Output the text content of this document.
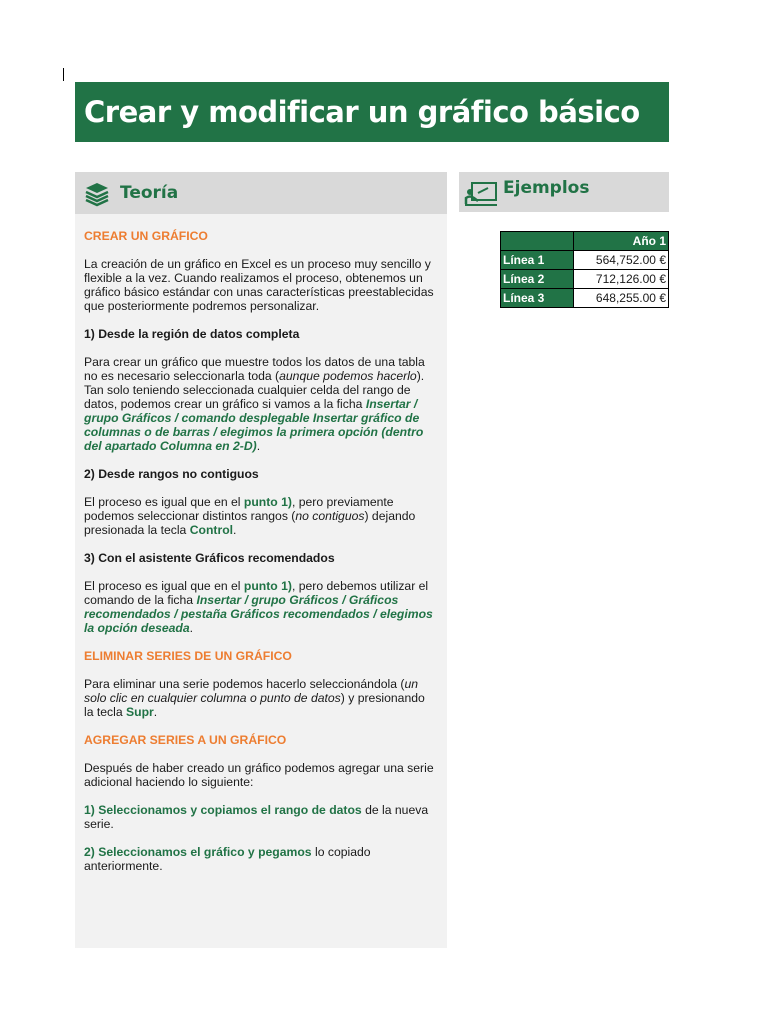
Crear y modificar un gráfico básico
Teoría
CREAR UN GRÁFICO

La creación de un gráfico en Excel es un proceso muy sencillo y flexible a la vez. Cuando realizamos el proceso, obtenemos un gráfico básico estándar con unas características preestablecidas que posteriormente podremos personalizar.

1) Desde la región de datos completa

Para crear un gráfico que muestre todos los datos de una tabla no es necesario seleccionarla toda (aunque podemos hacerlo). Tan solo teniendo seleccionada cualquier celda del rango de datos, podemos crear un gráfico si vamos a la ficha Insertar / grupo Gráficos / comando desplegable Insertar gráfico de columnas o de barras / elegimos la primera opción (dentro del apartado Columna en 2-D).

2) Desde rangos no contiguos

El proceso es igual que en el punto 1), pero previamente podemos seleccionar distintos rangos (no contiguos) dejando presionada la tecla Control.

3) Con el asistente Gráficos recomendados

El proceso es igual que en el punto 1), pero debemos utilizar el comando de la ficha Insertar / grupo Gráficos / Gráficos recomendados / pestaña Gráficos recomendados / elegimos la opción deseada.

ELIMINAR SERIES DE UN GRÁFICO

Para eliminar una serie podemos hacerlo seleccionándola (un solo clic en cualquier columna o punto de datos) y presionando la tecla Supr.

AGREGAR SERIES A UN GRÁFICO

Después de haber creado un gráfico podemos agregar una serie adicional haciendo lo siguiente:

1) Seleccionamos y copiamos el rango de datos de la nueva serie.

2) Seleccionamos el gráfico y pegamos lo copiado anteriormente.

Ejemplos
	Año 1
Línea 1	564,752.00 €
Línea 2	712,126.00 €
Línea 3	648,255.00 €
